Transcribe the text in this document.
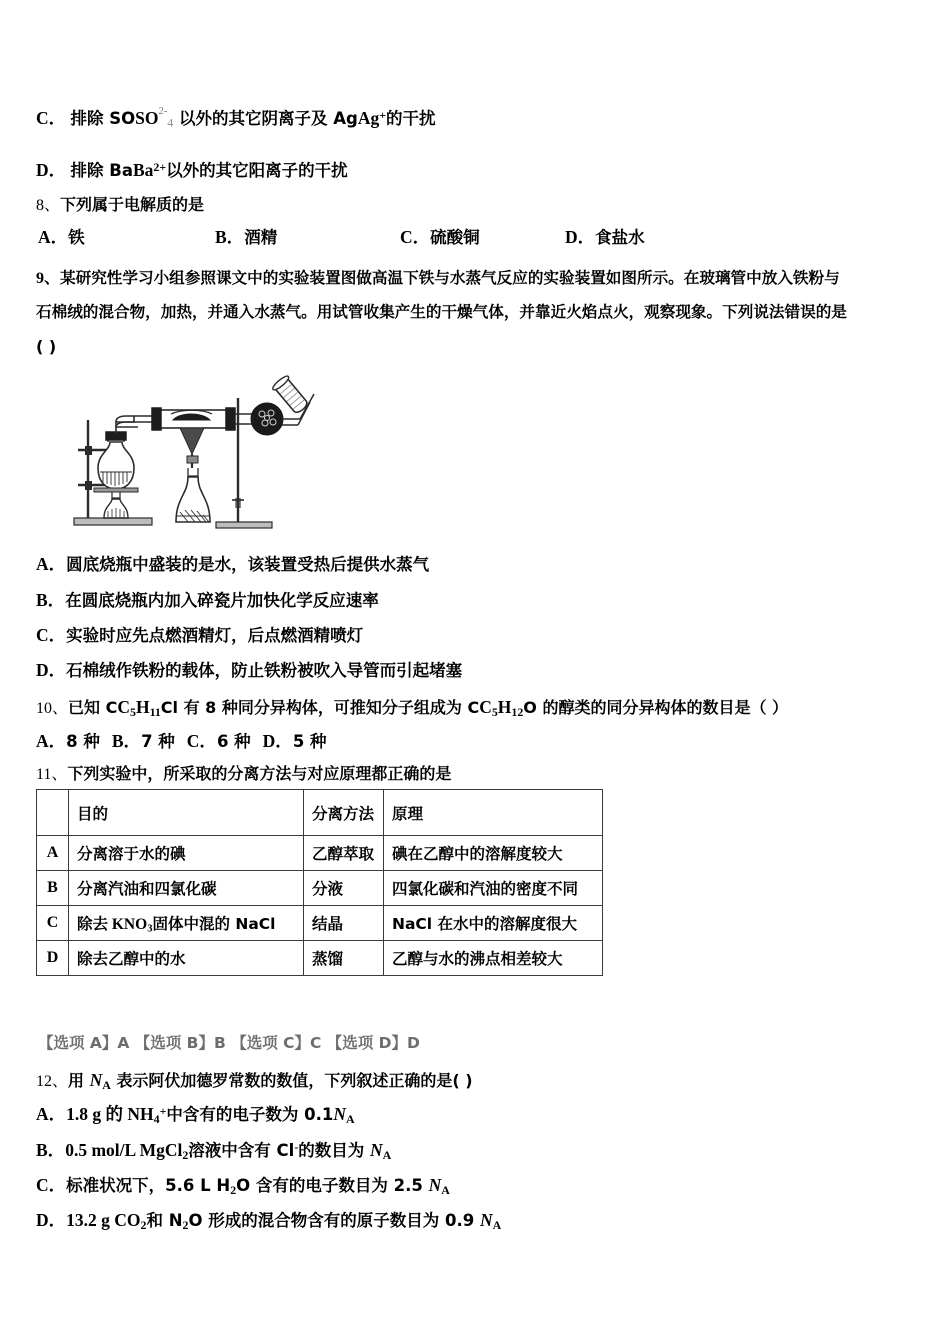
C． 排除 $SOSO^{2-}4$ 以外的其它阴离子及 AgAg+的干扰
D． 排除 BaBa$^{2+}$以外的其它阳离子的干扰
8、下列属于电解质的是
A．铁	B．酒精	C．硫酸铜	D．食盐水
9、某研究性学习小组参照课文中的实验装置图做高温下铁与水蒸气反应的实验装置如图所示。在玻璃管中放入铁粉与
石棉绒的混合物，加热，并通入水蒸气。用试管收集产生的干燥气体，并靠近火焰点火，观察现象。下列说法错误的是
( )
A．圆底烧瓶中盛装的是水，该装置受热后提供水蒸气
B．在圆底烧瓶内加入碎瓷片加快化学反应速率
C．实验时应先点燃酒精灯，后点燃酒精喷灯
D．石棉绒作铁粉的载体，防止铁粉被吹入导管而引起堵塞
10、已知 $CC_5H_{11}Cl$ 有 8 种同分异构体，可推知分子组成为 $CC_5H_{12}O$ 的醇类的同分异构体的数目是（ ）
A．8 种 B．7 种 C．6 种 D．5 种
11、下列实验中，所采取的分离方法与对应原理都正确的是
	目的	分离方法	原理
A	分离溶于水的碘	乙醇萃取	碘在乙醇中的溶解度较大
B	分离汽油和四氯化碳	分液	四氯化碳和汽油的密度不同
C	除去 $KNO_3$固体中混的 NaCl	结晶	NaCl 在水中的溶解度很大
D	除去乙醇中的水	蒸馏	乙醇与水的沸点相差较大
【选项 A】A 【选项 B】B 【选项 C】C 【选项 D】D
12、用 $N_A$ 表示阿伏加德罗常数的数值，下列叙述正确的是( )
A．1.8 g 的 $NH_4^+$中含有的电子数为 $0.1N_A$
B．0.5 mol/L MgCl$_2$溶液中含有 Cl-的数目为 $N_A$
C．标准状况下，5.6 L $H_2O$ 含有的电子数目为 2.5 $N_A$
D．13.2 g $CO_2$和 $N_2O$ 形成的混合物含有的原子数目为 0.9 $N_A$
